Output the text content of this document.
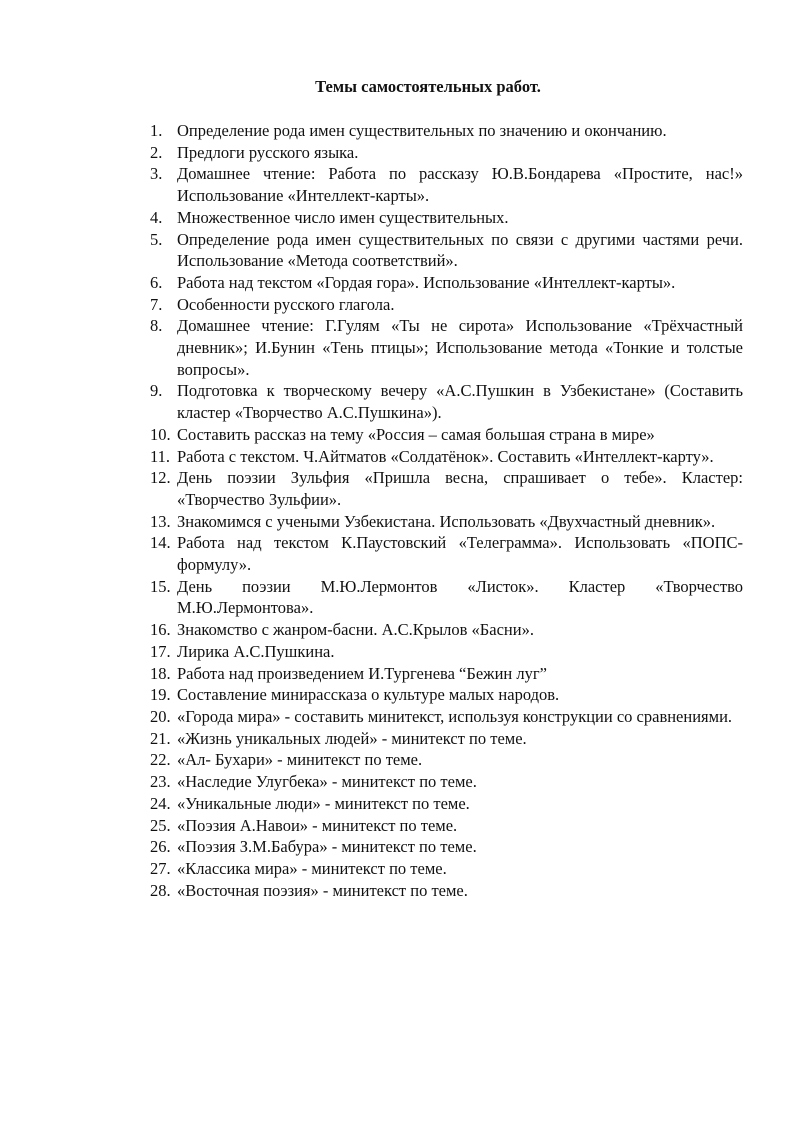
Темы самостоятельных работ.
1. Определение рода имен существительных по значению и окончанию.
2. Предлоги русского языка.
3. Домашнее чтение: Работа по рассказу Ю.В.Бондарева «Простите, нас!» Использование «Интеллект-карты».
4. Множественное число имен существительных.
5. Определение рода имен существительных по связи с другими частями речи. Использование «Метода соответствий».
6. Работа над текстом «Гордая гора». Использование «Интеллект-карты».
7. Особенности русского глагола.
8. Домашнее чтение: Г.Гулям «Ты не сирота» Использование «Трёхчастный дневник»; И.Бунин «Тень птицы»; Использование метода «Тонкие и толстые вопросы».
9. Подготовка к творческому вечеру «А.С.Пушкин в Узбекистане» (Составить кластер «Творчество А.С.Пушкина»).
10. Составить рассказ на тему «Россия – самая большая страна в мире»
11. Работа с текстом. Ч.Айтматов «Солдатёнок». Составить «Интеллект-карту».
12. День поэзии Зульфия «Пришла весна, спрашивает о тебе». Кластер: «Творчество Зульфии».
13. Знакомимся с учеными Узбекистана. Использовать «Двухчастный дневник».
14. Работа над текстом К.Паустовский «Телеграмма». Использовать «ПОПС-формулу».
15. День поэзии М.Ю.Лермонтов «Листок». Кластер «Творчество М.Ю.Лермонтова».
16. Знакомство с жанром-басни. А.С.Крылов «Басни».
17. Лирика А.С.Пушкина.
18. Работа над произведением И.Тургенева “Бежин луг”
19. Составление минирассказа о культуре малых народов.
20. «Города мира» - составить минитекст, используя конструкции со сравнениями.
21. «Жизнь уникальных людей» - минитекст по теме.
22. «Ал- Бухари» - минитекст по теме.
23. «Наследие Улугбека» - минитекст по теме.
24. «Уникальные люди» - минитекст по теме.
25. «Поэзия А.Навои» - минитекст по теме.
26. «Поэзия З.М.Бабура» - минитекст по теме.
27. «Классика мира» - минитекст по теме.
28. «Восточная поэзия» - минитекст по теме.
